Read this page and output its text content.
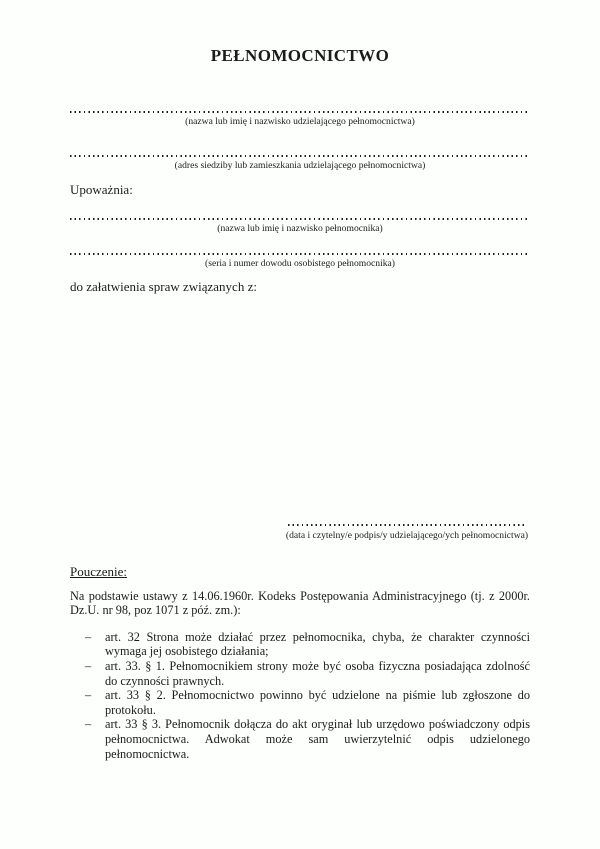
PEŁNOMOCNICTWO
(nazwa lub imię i nazwisko udzielającego pełnomocnictwa)
(adres siedziby lub zamieszkania udzielającego pełnomocnictwa)
Upoważnia:
(nazwa lub imię i nazwisko pełnomocnika)
(seria i numer dowodu osobistego pełnomocnika)
do załatwienia spraw związanych z:
(data i czytelny/e podpis/y udzielającego/ych pełnomocnictwa)
Pouczenie:

Na podstawie ustawy z 14.06.1960r. Kodeks Postępowania Administracyjnego (tj. z 2000r. Dz.U. nr 98, poz 1071 z póź. zm.):

– art. 32 Strona może działać przez pełnomocnika, chyba, że charakter czynności wymaga jej osobistego działania;
– art. 33. § 1. Pełnomocnikiem strony może być osoba fizyczna posiadająca zdolność do czynności prawnych.
– art. 33 § 2. Pełnomocnictwo powinno być udzielone na piśmie lub zgłoszone do protokołu.
– art. 33 § 3. Pełnomocnik dołącza do akt oryginał lub urzędowo poświadczony odpis pełnomocnictwa. Adwokat może sam uwierzytelnić odpis udzielonego pełnomocnictwa.
